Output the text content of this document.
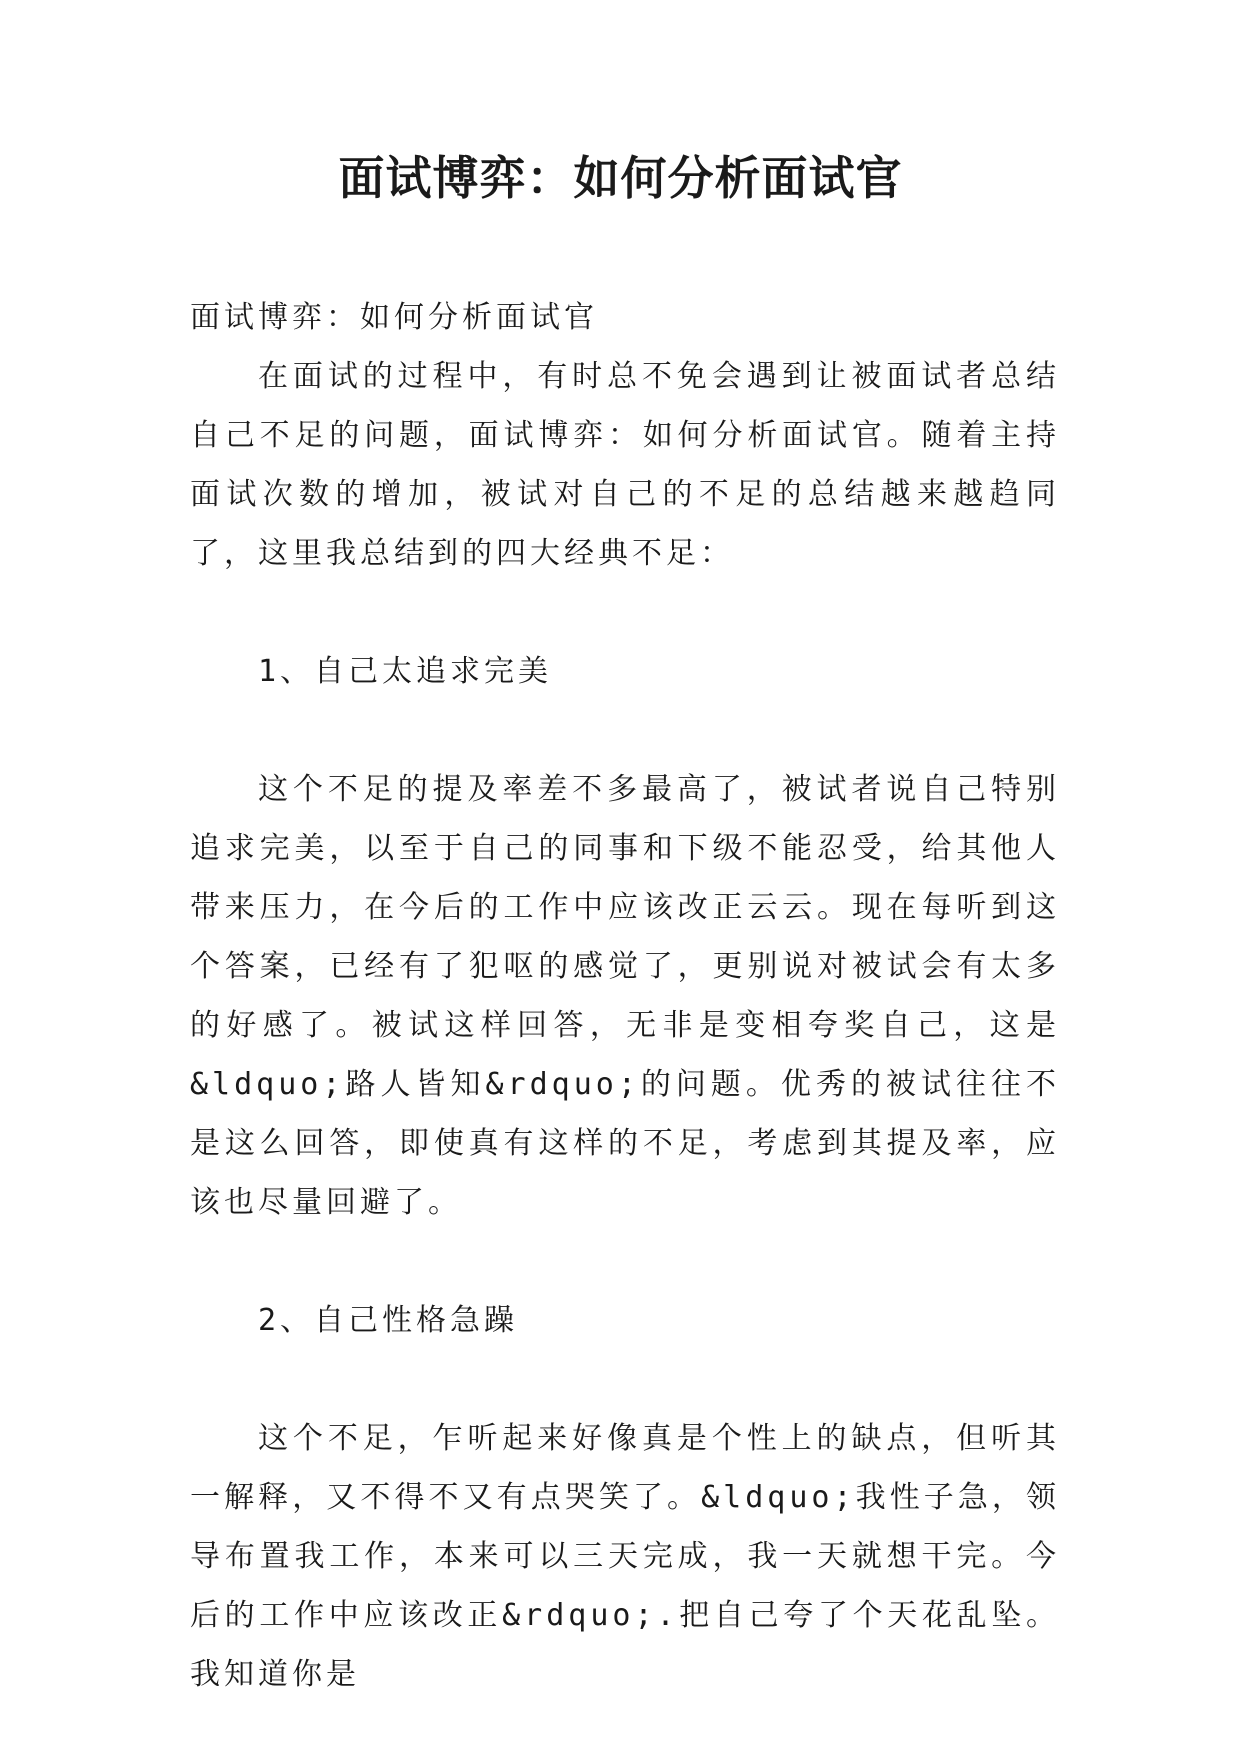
面试博弈：如何分析面试官

面试博弈：如何分析面试官

在面试的过程中，有时总不免会遇到让被面试者总结自己不足的问题，面试博弈：如何分析面试官。随着主持面试次数的增加，被试对自己的不足的总结越来越趋同了，这里我总结到的四大经典不足：

1、自己太追求完美

这个不足的提及率差不多最高了，被试者说自己特别追求完美，以至于自己的同事和下级不能忍受，给其他人带来压力，在今后的工作中应该改正云云。现在每听到这个答案，已经有了犯呕的感觉了，更别说对被试会有太多的好感了。被试这样回答，无非是变相夸奖自己，这是&ldquo;路人皆知&rdquo;的问题。优秀的被试往往不是这么回答，即使真有这样的不足，考虑到其提及率，应该也尽量回避了。

2、自己性格急躁

这个不足，乍听起来好像真是个性上的缺点，但听其一解释，又不得不又有点哭笑了。&ldquo;我性子急，领导布置我工作，本来可以三天完成，我一天就想干完。今后的工作中应该改正&rdquo;.把自己夸了个天花乱坠。我知道你是
